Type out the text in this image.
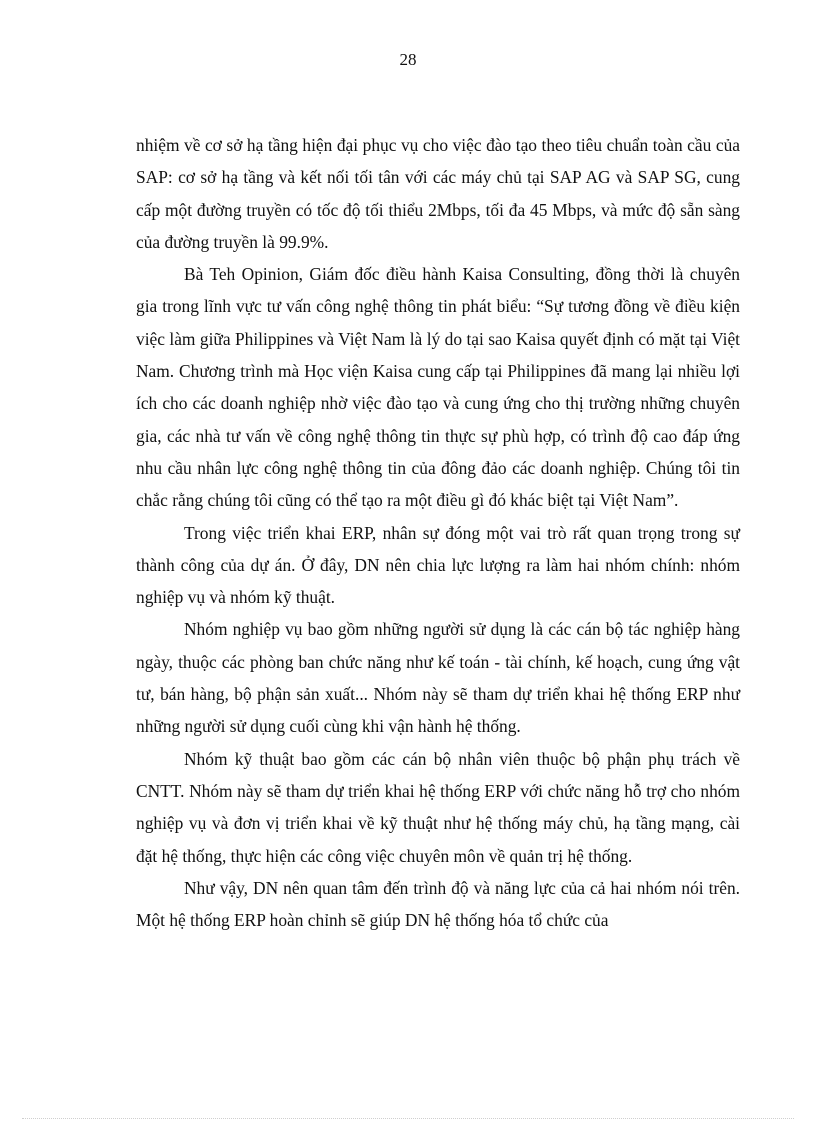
28

nhiệm về cơ sở hạ tầng hiện đại phục vụ cho việc đào tạo theo tiêu chuẩn toàn cầu của SAP: cơ sở hạ tầng và kết nối tối tân với các máy chủ tại SAP AG và SAP SG, cung cấp một đường truyền có tốc độ tối thiểu 2Mbps, tối đa 45 Mbps, và mức độ sẵn sàng của đường truyền là 99.9%.

Bà Teh Opinion, Giám đốc điều hành Kaisa Consulting, đồng thời là chuyên gia trong lĩnh vực tư vấn công nghệ thông tin phát biểu: “Sự tương đồng về điều kiện việc làm giữa Philippines và Việt Nam là lý do tại sao Kaisa quyết định có mặt tại Việt Nam. Chương trình mà Học viện Kaisa cung cấp tại Philippines đã mang lại nhiều lợi ích cho các doanh nghiệp nhờ việc đào tạo và cung ứng cho thị trường những chuyên gia, các nhà tư vấn về công nghệ thông tin thực sự phù hợp, có trình độ cao đáp ứng nhu cầu nhân lực công nghệ thông tin của đông đảo các doanh nghiệp. Chúng tôi tin chắc rằng chúng tôi cũng có thể tạo ra một điều gì đó khác biệt tại Việt Nam”.

Trong việc triển khai ERP, nhân sự đóng một vai trò rất quan trọng trong sự thành công của dự án. Ở đây, DN nên chia lực lượng ra làm hai nhóm chính: nhóm nghiệp vụ và nhóm kỹ thuật.

Nhóm nghiệp vụ bao gồm những người sử dụng là các cán bộ tác nghiệp hàng ngày, thuộc các phòng ban chức năng như kế toán - tài chính, kế hoạch, cung ứng vật tư, bán hàng, bộ phận sản xuất... Nhóm này sẽ tham dự triển khai hệ thống ERP như những người sử dụng cuối cùng khi vận hành hệ thống.

Nhóm kỹ thuật bao gồm các cán bộ nhân viên thuộc bộ phận phụ trách về CNTT. Nhóm này sẽ tham dự triển khai hệ thống ERP với chức năng hỗ trợ cho nhóm nghiệp vụ và đơn vị triển khai về kỹ thuật như hệ thống máy chủ, hạ tầng mạng, cài đặt hệ thống, thực hiện các công việc chuyên môn về quản trị hệ thống.

Như vậy, DN nên quan tâm đến trình độ và năng lực của cả hai nhóm nói trên. Một hệ thống ERP hoàn chỉnh sẽ giúp DN hệ thống hóa tổ chức của
